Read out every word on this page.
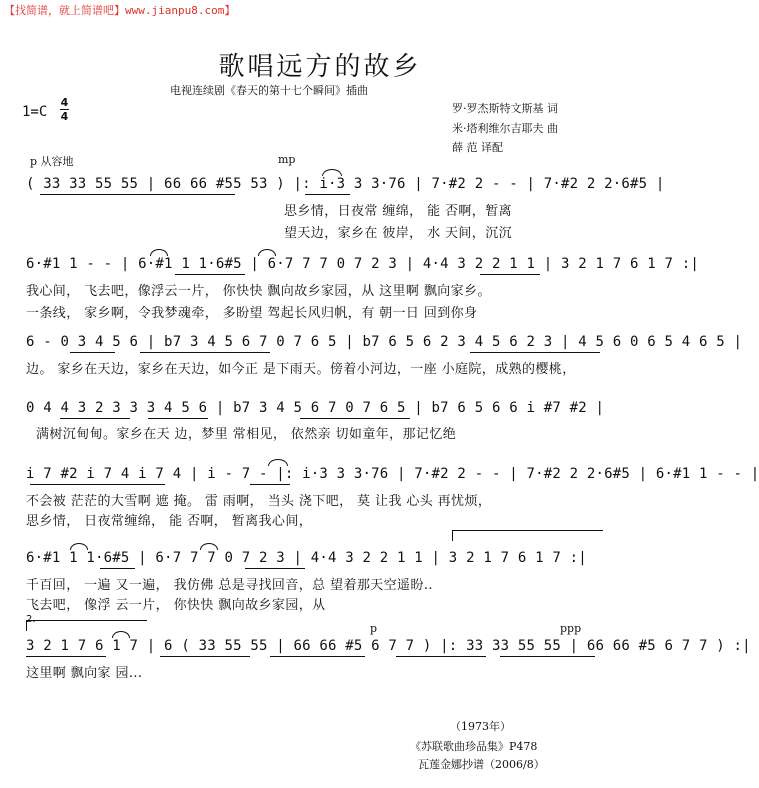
【找简谱，就上简谱吧】www.jianpu8.com】
歌唱远方的故乡
电视连续剧《春天的第十七个瞬间》插曲
1=C
4
4
罗·罗杰斯特文斯基 词
米·塔利维尔吉耶夫 曲
薛 范 译配
p 从容地	mp
( 33 33 55 55 | 66 66 #55 53 ) |: i·3 3 3·76 | 7·#2 2 - - | 7·#2 2 2·6#5 |
思乡情，日夜常 缠绵， 能 否啊，暂离
望天边，家乡在 彼岸， 水 天间，沉沉
6·#1 1 - - | 6·#1 1 1·6#5 | 6·7 7 7 0 7 2 3 | 4·4 3 2 2 1 1 | 3 2 1 7 6 1 7 :|
我心间， 飞去吧，像浮云一片， 你快快 飘向故乡家园，从 这里啊 飘向家乡。
一条线， 家乡啊，令我梦魂牵， 多盼望 驾起长风归帆，有 朝一日 回到你身
6 - 0 3 4 5 6 | b7 3 4 5 6 7 0 7 6 5 | b7 6 5 6 2 3 4 5 6 2 3 | 4 5 6 0 6 5 4 6 5 |
边。 家乡在天边，家乡在天边，如今正 是下雨天。傍着小河边，一座 小庭院，成熟的樱桃，
0 4 4 3 2 3 3 3 4 5 6 | b7 3 4 5 6 7 0 7 6 5 | b7 6 5 6 6 i #7 #2 |
满树沉甸甸。家乡在天 边，梦里 常相见， 依然亲 切如童年，那记忆绝
i 7 #2 i 7 4 i 7 4 | i - 7 - |: i·3 3 3·76 | 7·#2 2 - - | 7·#2 2 2·6#5 | 6·#1 1 - - |
不会被 茫茫的大雪啊 遮 掩。 雷 雨啊， 当头 浇下吧， 莫 让我 心头 再忧烦，
思乡情， 日夜常缠绵， 能 否啊， 暂离我心间，
6·#1 1 1·6#5 | 6·7 7 7 0 7 2 3 | 4·4 3 2 2 1 1 | 3 2 1 7 6 1 7 :|
千百回， 一遍 又一遍， 我仿佛 总是寻找回音，总 望着那天空遥盼..
飞去吧， 像浮 云一片， 你快快 飘向故乡家园，从
2.
p	ppp
3 2 1 7 6 1 7 | 6 ( 33 55 55 | 66 66 #5 6 7 7 ) |: 33 33 55 55 | 66 66 #5 6 7 7 ) :|
这里啊 飘向家 园...
（1973年）
《苏联歌曲珍品集》P478
瓦莲金娜抄谱（2006/8）
